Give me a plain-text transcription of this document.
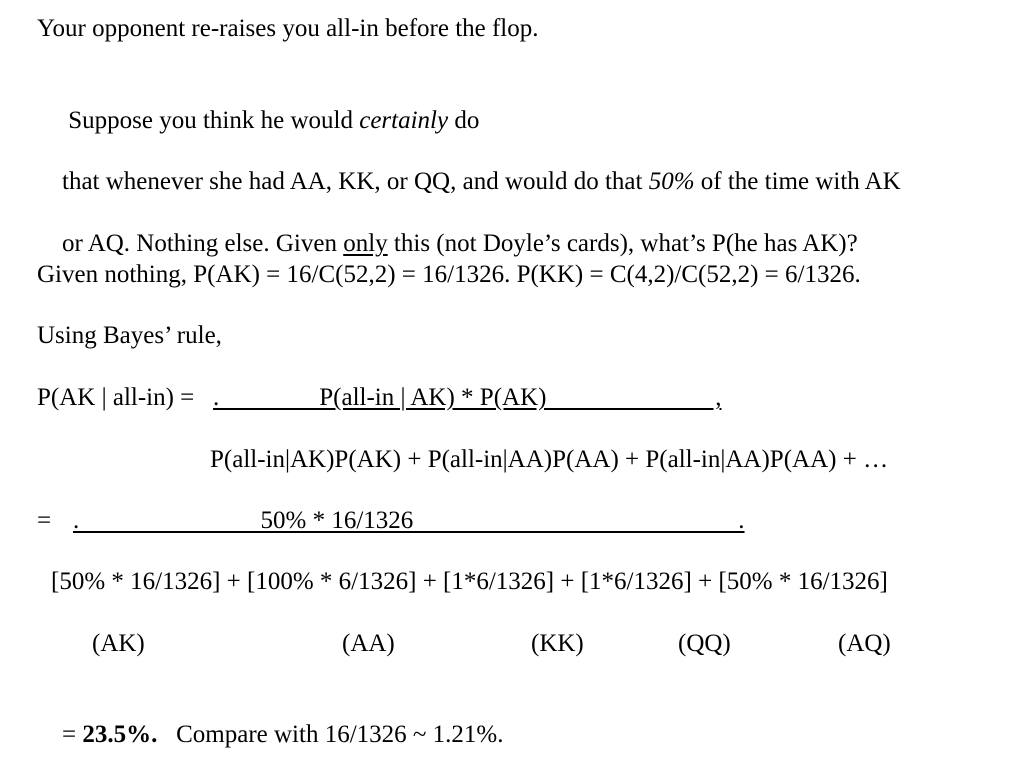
Your opponent re-raises you all-in before the flop.

Suppose you think he would certainly do

that whenever she had AA, KK, or QQ, and would do that 50% of the time with AK

or AQ. Nothing else. Given only this (not Doyle’s cards), what’s P(he has AK)?

Given nothing, P(AK) = 16/C(52,2) = 16/1326. P(KK) = C(4,2)/C(52,2) = 6/1326.
Using Bayes’ rule,
P(AK | all-in) = .                P(all-in | AK) * P(AK)                           ,
P(all-in|AK)P(AK) + P(all-in|AA)P(AA) + P(all-in|AA)P(AA) + …
= .                             50% * 16/1326                                                    .
[50% * 16/1326] + [100% * 6/1326] + [1*6/1326] + [1*6/1326] + [50% * 16/1326]
(AK)	(AA)	(KK)	(QQ)	(AQ)

= 23.5%.   Compare with 16/1326 ~ 1.21%.
